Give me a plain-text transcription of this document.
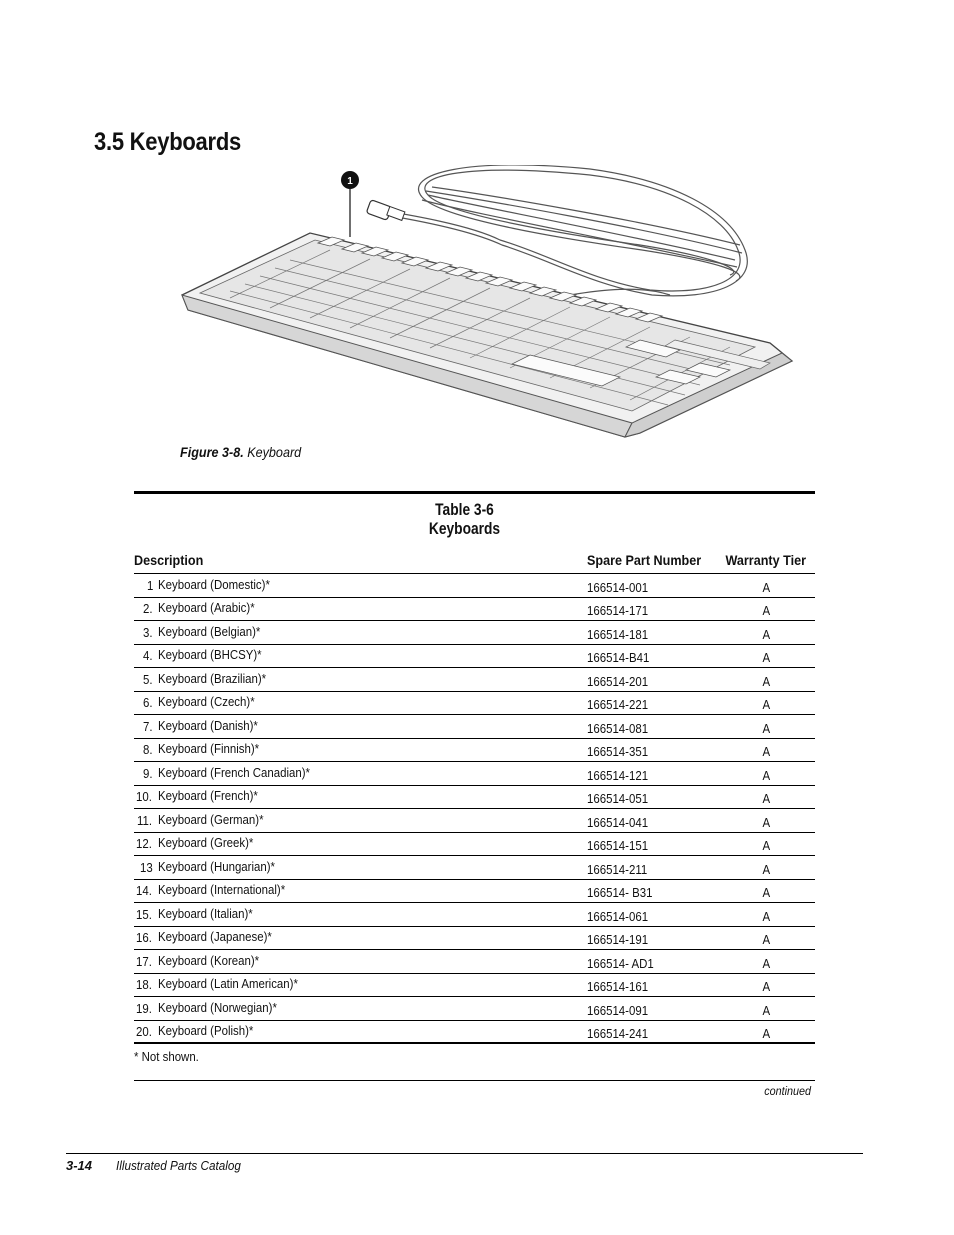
3.5 Keyboards
1
Figure 3-8. Keyboard
Table 3-6
Keyboards
Description	Spare Part Number	Warranty Tier
1 Keyboard (Domestic)*	166514-001	A
2. Keyboard (Arabic)*	166514-171	A
3. Keyboard (Belgian)*	166514-181	A
4. Keyboard (BHCSY)*	166514-B41	A
5. Keyboard (Brazilian)*	166514-201	A
6. Keyboard (Czech)*	166514-221	A
7. Keyboard (Danish)*	166514-081	A
8. Keyboard (Finnish)*	166514-351	A
9. Keyboard (French Canadian)*	166514-121	A
10. Keyboard (French)*	166514-051	A
11. Keyboard (German)*	166514-041	A
12. Keyboard (Greek)*	166514-151	A
13 Keyboard (Hungarian)*	166514-211	A
14. Keyboard (International)*	166514- B31	A
15. Keyboard (Italian)*	166514-061	A
16. Keyboard (Japanese)*	166514-191	A
17. Keyboard (Korean)*	166514- AD1	A
18. Keyboard (Latin American)*	166514-161	A
19. Keyboard (Norwegian)*	166514-091	A
20. Keyboard (Polish)*	166514-241	A
* Not shown.
continued
3-14 Illustrated Parts Catalog
